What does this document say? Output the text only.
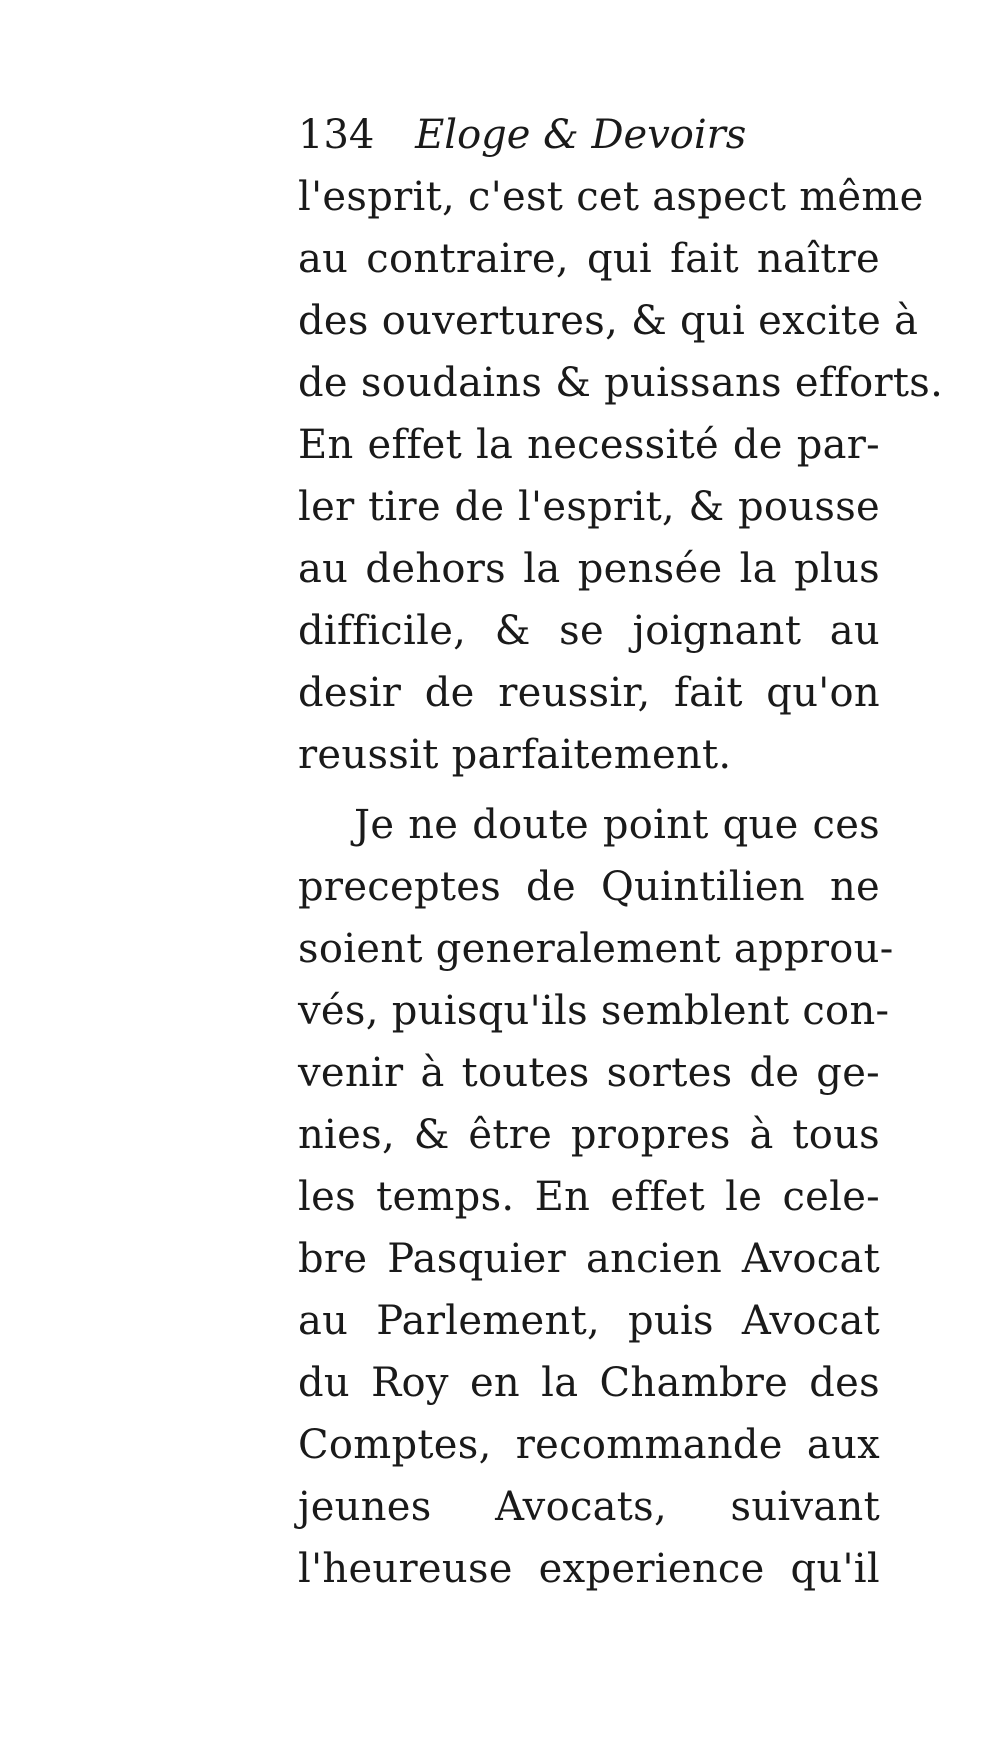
134 Eloge & Devoirs
l'esprit, c'est cet aspect même
au contraire, qui fait naître
des ouvertures, & qui excite à
de soudains & puissans efforts.
En effet la necessité de par-
ler tire de l'esprit, & pousse
au dehors la pensée la plus
difficile, & se joignant au
desir de reussir, fait qu'on
reussit parfaitement.
Je ne doute point que ces
preceptes de Quintilien ne
soient generalement approu-
vés, puisqu'ils semblent con-
venir à toutes sortes de ge-
nies, & être propres à tous
les temps. En effet le cele-
bre Pasquier ancien Avocat
au Parlement, puis Avocat
du Roy en la Chambre des
Comptes, recommande aux
jeunes Avocats, suivant
l'heureuse experience qu'il
